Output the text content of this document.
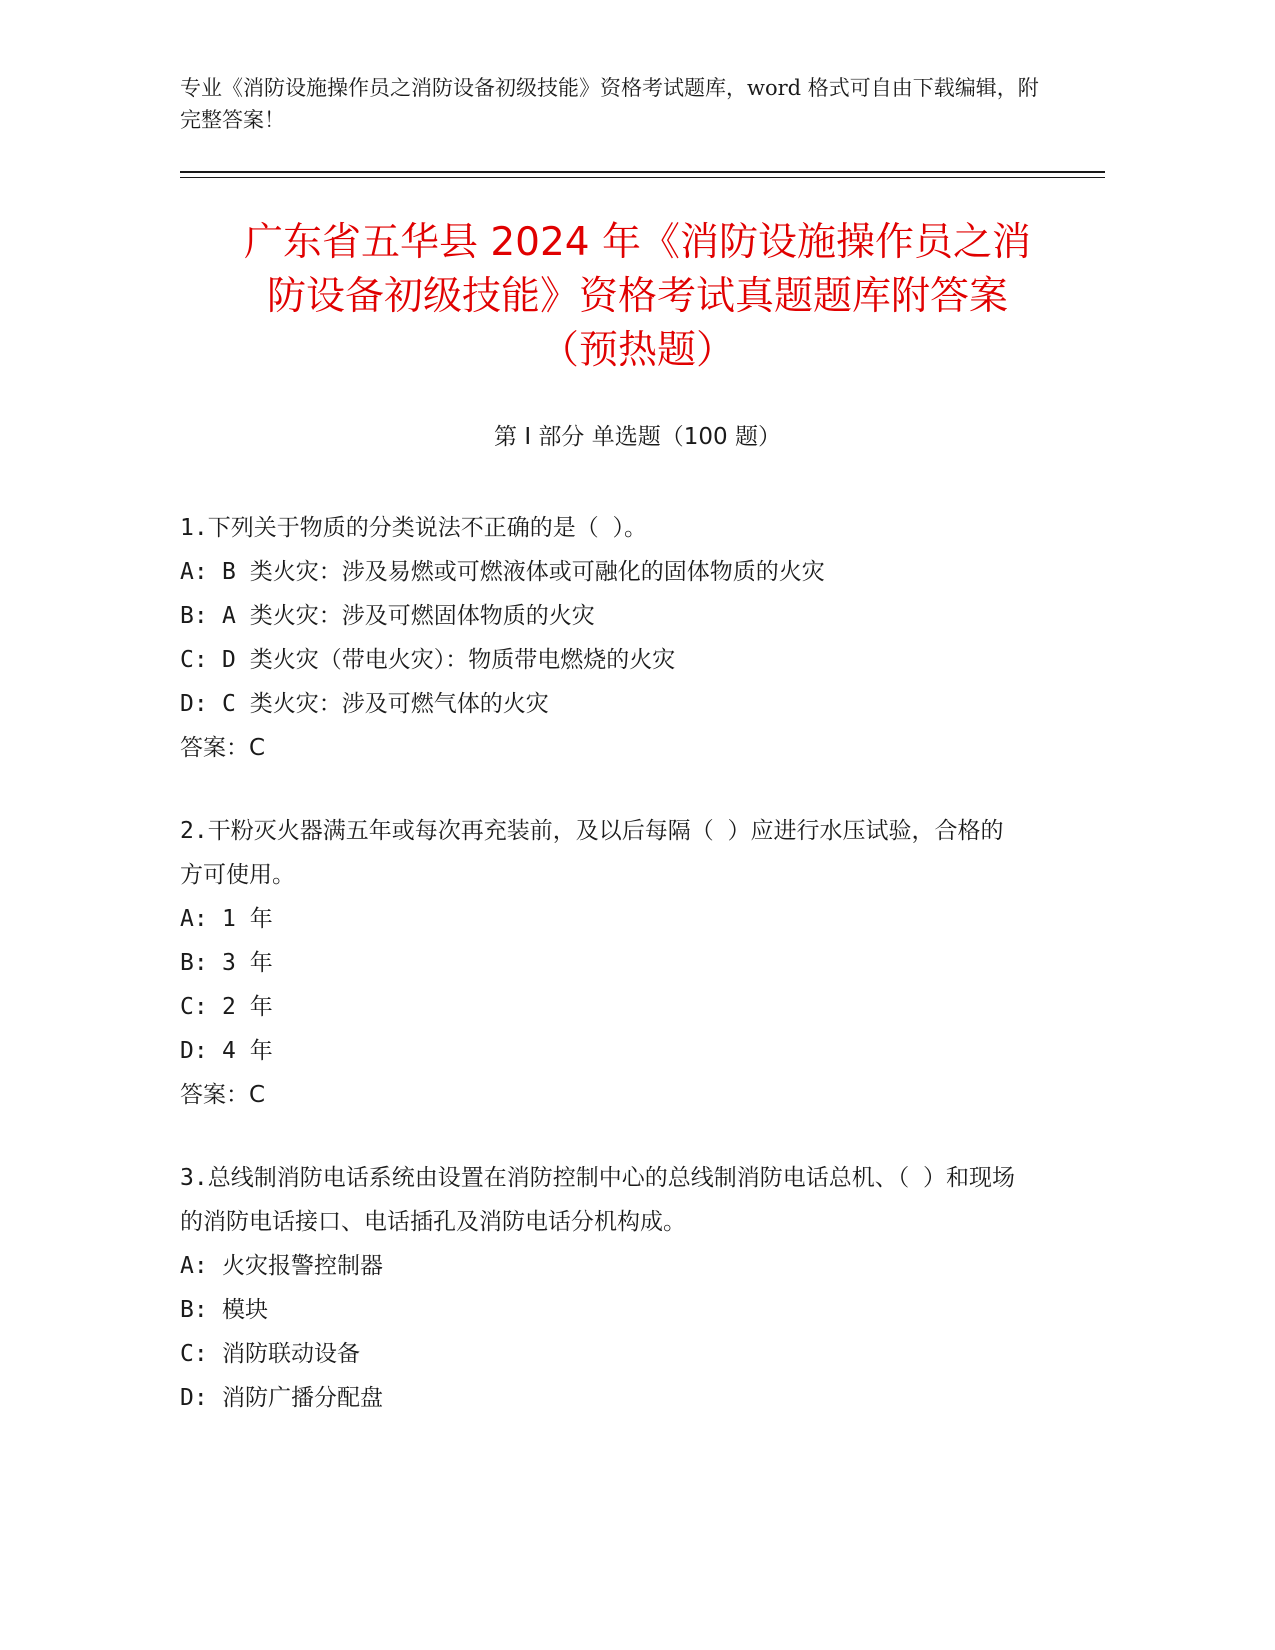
专业《消防设施操作员之消防设备初级技能》资格考试题库，word 格式可自由下载编辑，附完整答案！
广东省五华县 2024 年《消防设施操作员之消
防设备初级技能》资格考试真题题库附答案
（预热题）
第 I 部分 单选题（100 题）
1.下列关于物质的分类说法不正确的是（ ）。
A: B 类火灾：涉及易燃或可燃液体或可融化的固体物质的火灾
B: A 类火灾：涉及可燃固体物质的火灾
C: D 类火灾（带电火灾）：物质带电燃烧的火灾
D: C 类火灾：涉及可燃气体的火灾
答案：C
2.干粉灭火器满五年或每次再充装前，及以后每隔（ ）应进行水压试验，合格的方可使用。
A: 1 年
B: 3 年
C: 2 年
D: 4 年
答案：C
3.总线制消防电话系统由设置在消防控制中心的总线制消防电话总机、（ ）和现场的消防电话接口、电话插孔及消防电话分机构成。
A: 火灾报警控制器
B: 模块
C: 消防联动设备
D: 消防广播分配盘
